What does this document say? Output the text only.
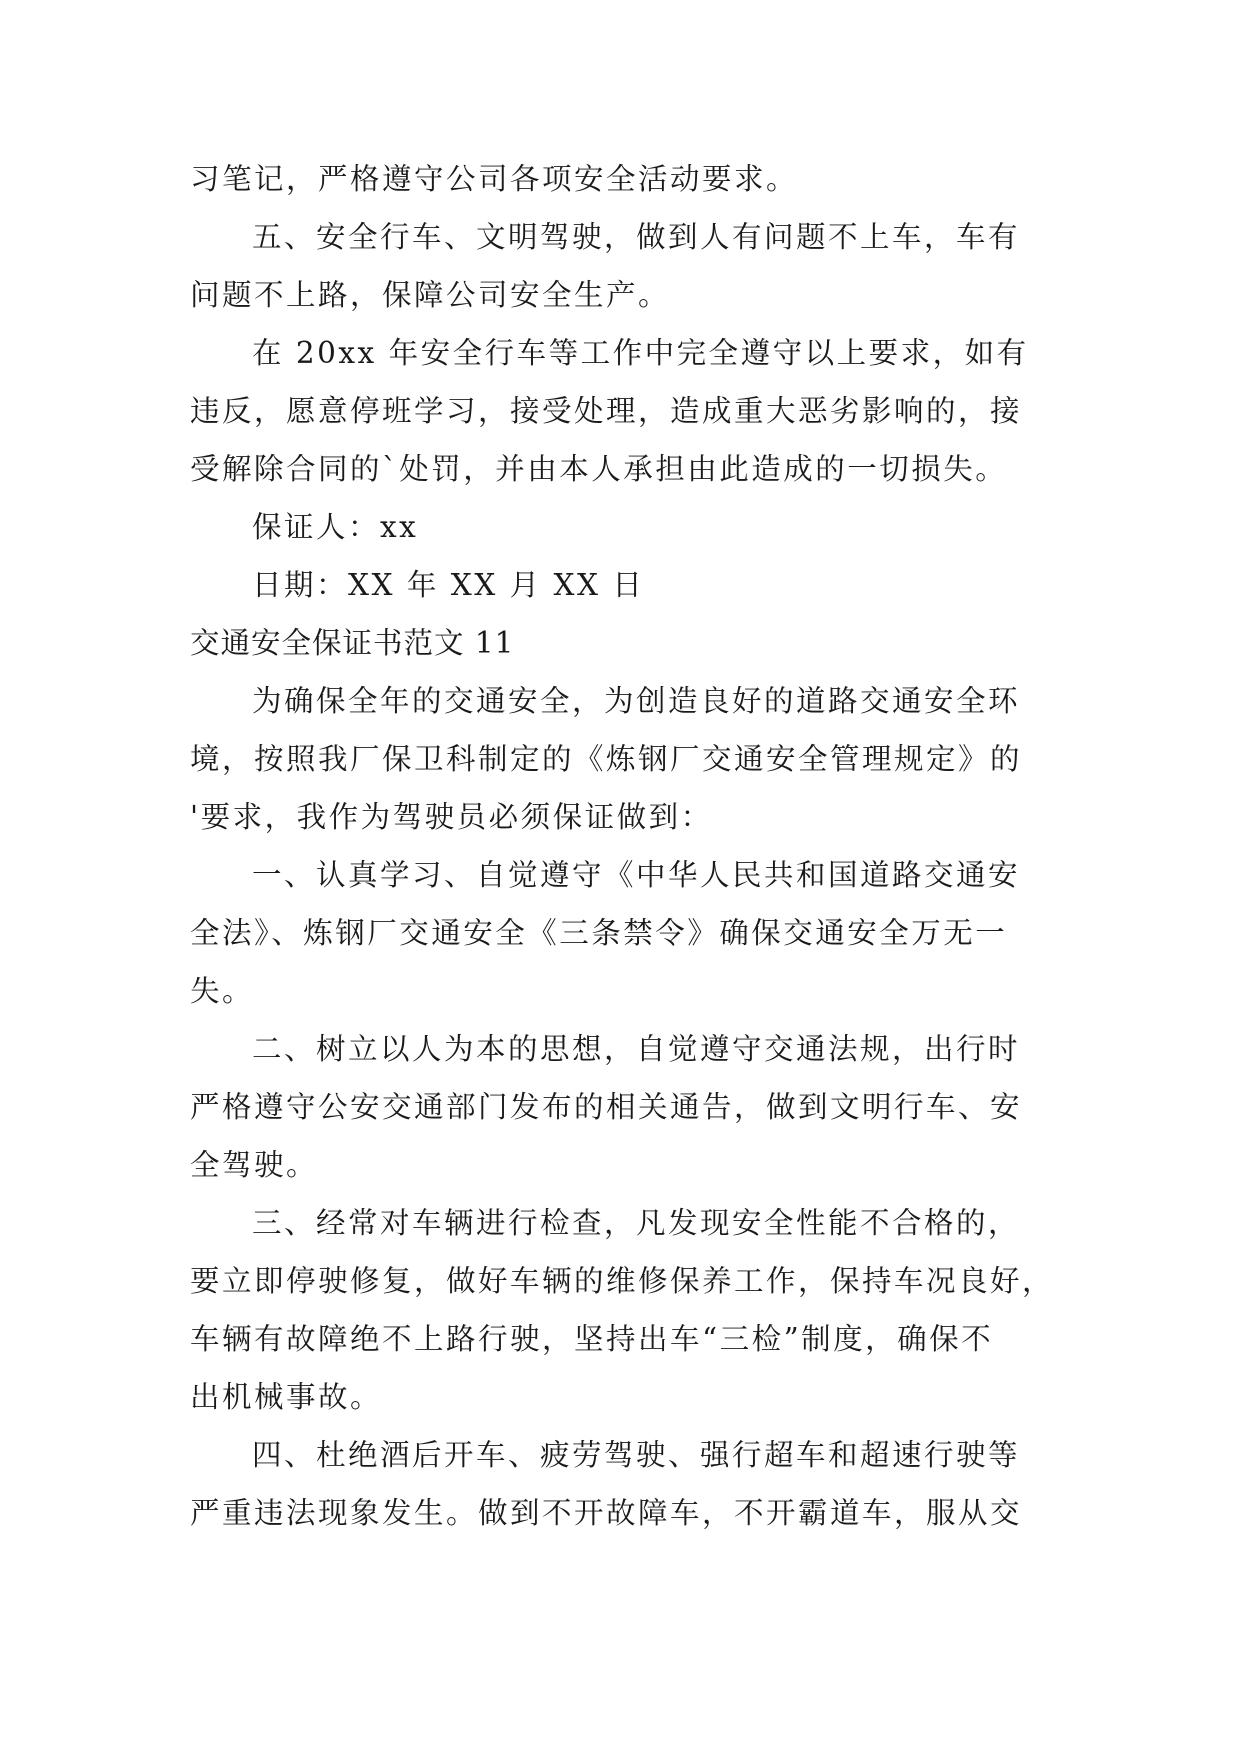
习笔记，严格遵守公司各项安全活动要求。
五、安全行车、文明驾驶，做到人有问题不上车，车有
问题不上路，保障公司安全生产。
在 20xx 年安全行车等工作中完全遵守以上要求，如有
违反，愿意停班学习，接受处理，造成重大恶劣影响的，接
受解除合同的`处罚，并由本人承担由此造成的一切损失。
保证人：xx
日期：XX 年 XX 月 XX 日
交通安全保证书范文 11
为确保全年的交通安全，为创造良好的道路交通安全环
境，按照我厂保卫科制定的《炼钢厂交通安全管理规定》的
'要求，我作为驾驶员必须保证做到：
一、认真学习、自觉遵守《中华人民共和国道路交通安
全法》、炼钢厂交通安全《三条禁令》确保交通安全万无一
失。
二、树立以人为本的思想，自觉遵守交通法规，出行时
严格遵守公安交通部门发布的相关通告，做到文明行车、安
全驾驶。
三、经常对车辆进行检查，凡发现安全性能不合格的，
要立即停驶修复，做好车辆的维修保养工作，保持车况良好，
车辆有故障绝不上路行驶，坚持出车“三检”制度，确保不
出机械事故。
四、杜绝酒后开车、疲劳驾驶、强行超车和超速行驶等
严重违法现象发生。做到不开故障车，不开霸道车，服从交
